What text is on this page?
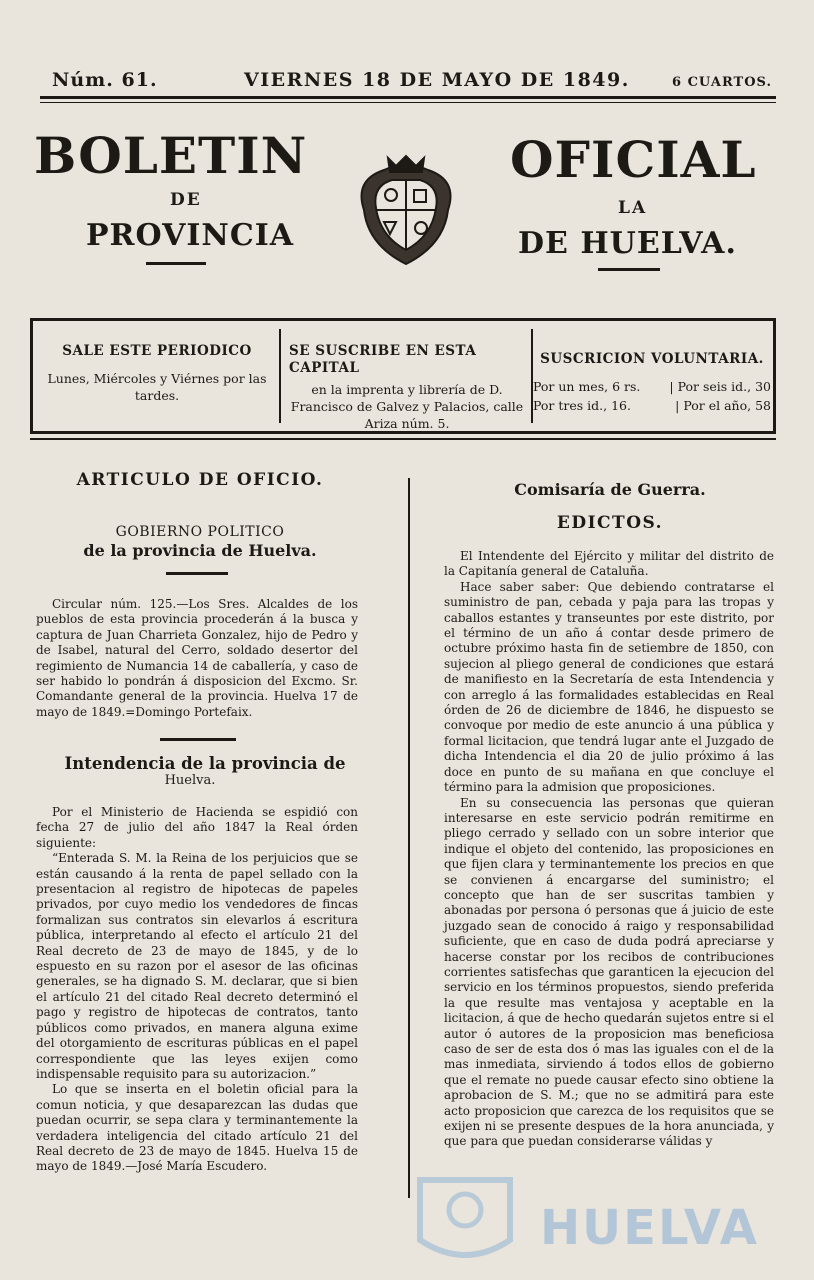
Núm. 61.	VIERNES 18 DE MAYO DE 1849.	6 CUARTOS.
BOLETIN
DE
PROVINCIA
OFICIAL
LA
DE HUELVA.
SALE ESTE PERIODICO
Lunes, Miércoles y Viérnes por las tardes.
SE SUSCRIBE EN ESTA CAPITAL
en la imprenta y librería de D. Francisco de Galvez y Palacios, calle Ariza núm. 5.
SUSCRICION VOLUNTARIA.
Por un mes, 6 rs. | Por seis id., 30
Por tres id., 16.	| Por el año, 58
ARTICULO DE OFICIO.
GOBIERNO POLITICO
de la provincia de Huelva.

Circular núm. 125.—Los Sres. Alcaldes de los pueblos de esta provincia procederán á la busca y captura de Juan Charrieta Gonzalez, hijo de Pedro y de Isabel, natural del Cerro, soldado desertor del regimiento de Numancia 14 de caballería, y caso de ser habido lo pondrán á disposicion del Excmo. Sr. Comandante general de la provincia. Huelva 17 de mayo de 1849.=Domingo Portefaix.

Intendencia de la provincia de
Huelva.

Por el Ministerio de Hacienda se espidió con fecha 27 de julio del año 1847 la Real órden siguiente:

“Enterada S. M. la Reina de los perjuicios que se están causando á la renta de papel sellado con la presentacion al registro de hipotecas de papeles privados, por cuyo medio los vendedores de fincas formalizan sus contratos sin elevarlos á escritura pública, interpretando al efecto el artículo 21 del Real decreto de 23 de mayo de 1845, y de lo espuesto en su razon por el asesor de las oficinas generales, se ha dignado S. M. declarar, que si bien el artículo 21 del citado Real decreto determinó el pago y registro de hipotecas de contratos, tanto públicos como privados, en manera alguna exime del otorgamiento de escrituras públicas en el papel correspondiente que las leyes exijen como indispensable requisito para su autorizacion.”

Lo que se inserta en el boletin oficial para la comun noticia, y que desaparezcan las dudas que puedan ocurrir, se sepa clara y terminantemente la verdadera inteligencia del citado artículo 21 del Real decreto de 23 de mayo de 1845. Huelva 15 de mayo de 1849.—José María Escudero.

Comisaría de Guerra.
EDICTOS.

El Intendente del Ejército y militar del distrito de la Capitanía general de Cataluña.

Hace saber saber: Que debiendo contratarse el suministro de pan, cebada y paja para las tropas y caballos estantes y transeuntes por este distrito, por el término de un año á contar desde primero de octubre próximo hasta fin de setiembre de 1850, con sujecion al pliego general de condiciones que estará de manifiesto en la Secretaría de esta Intendencia y con arreglo á las formalidades establecidas en Real órden de 26 de diciembre de 1846, he dispuesto se convoque por medio de este anuncio á una pública y formal licitacion, que tendrá lugar ante el Juzgado de dicha Intendencia el dia 20 de julio próximo á las doce en punto de su mañana en que concluye el término para la admision que proposiciones.

En su consecuencia las personas que quieran interesarse en este servicio podrán remitirme en pliego cerrado y sellado con un sobre interior que indique el objeto del contenido, las proposiciones en que fijen clara y terminantemente los precios en que se convienen á encargarse del suministro; el concepto que han de ser suscritas tambien y abonadas por persona ó personas que á juicio de este juzgado sean de conocido á raigo y responsabilidad suficiente, que en caso de duda podrá apreciarse y hacerse constar por los recibos de contribuciones corrientes satisfechas que garanticen la ejecucion del servicio en los términos propuestos, siendo preferida la que resulte mas ventajosa y aceptable en la licitacion, á que de hecho quedarán sujetos entre si el autor ó autores de la proposicion mas beneficiosa caso de ser de esta dos ó mas las iguales con el de la mas inmediata, sirviendo á todos ellos de gobierno que el remate no puede causar efecto sino obtiene la aprobacion de S. M.; que no se admitirá para este acto proposicion que carezca de los requisitos que se exijen ni se presente despues de la hora anunciada, y que para que puedan considerarse válidas y

HUELVA
